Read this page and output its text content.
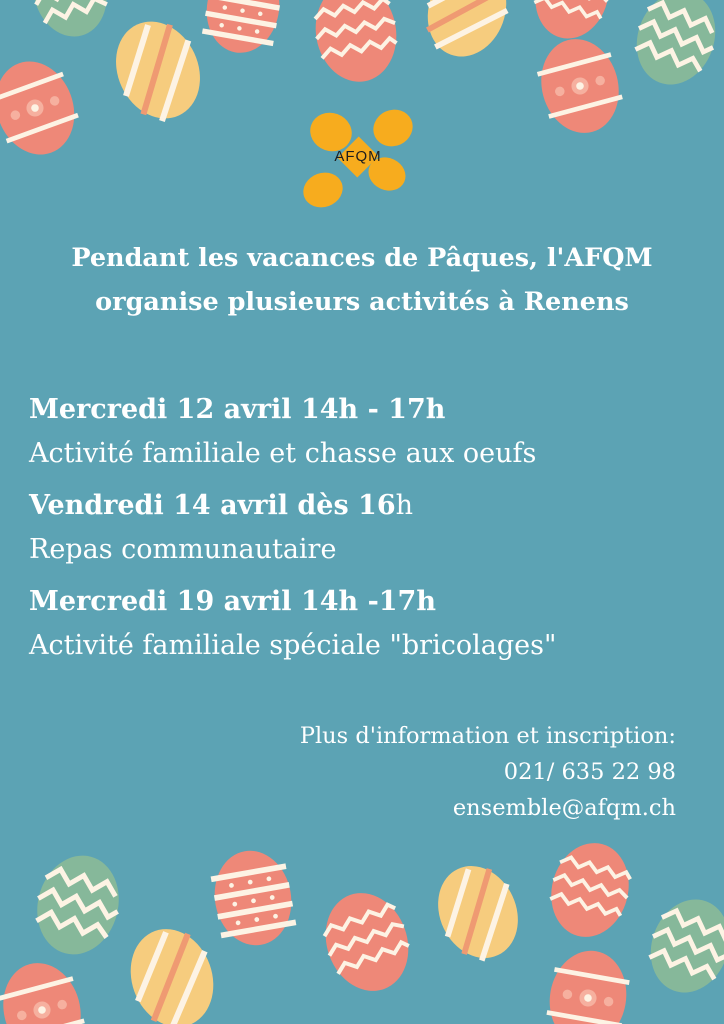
AFQM
Pendant les vacances de Pâques, l'AFQM
organise plusieurs activités à Renens
Mercredi 12 avril 14h - 17h
Activité familiale et chasse aux oeufs
Vendredi 14 avril dès 16h
Repas communautaire
Mercredi 19 avril 14h -17h
Activité familiale spéciale "bricolages"
Plus d'information et inscription:
021/ 635 22 98
ensemble@afqm.ch
